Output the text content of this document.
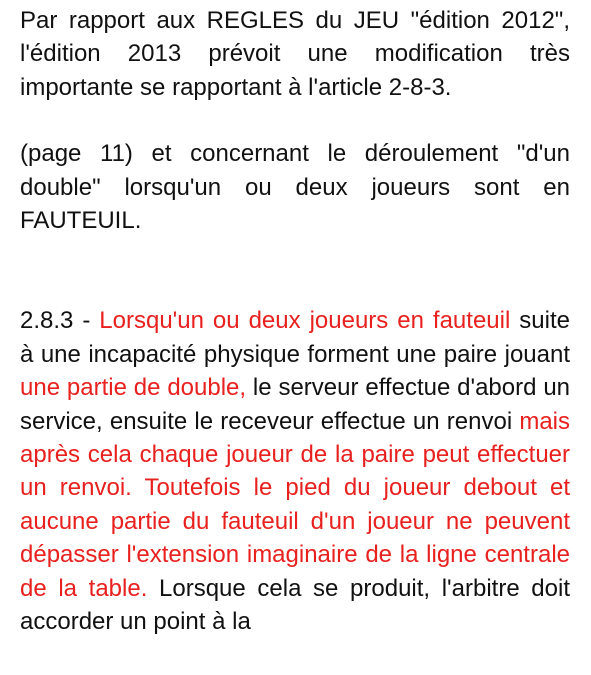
Par rapport aux REGLES du JEU "édition 2012", l'édition 2013 prévoit une modification très importante se rapportant à l'article 2-8-3.

(page 11) et concernant le déroulement "d'un double" lorsqu'un ou deux joueurs sont en FAUTEUIL.

2.8.3 - Lorsqu'un ou deux joueurs en fauteuil suite à une incapacité physique forment une paire jouant une partie de double, le serveur effectue d'abord un service, ensuite le receveur effectue un renvoi mais après cela chaque joueur de la paire peut effectuer un renvoi. Toutefois le pied du joueur debout et aucune partie du fauteuil d'un joueur ne peuvent dépasser l'extension imaginaire de la ligne centrale de la table. Lorsque cela se produit, l'arbitre doit accorder un point à la
